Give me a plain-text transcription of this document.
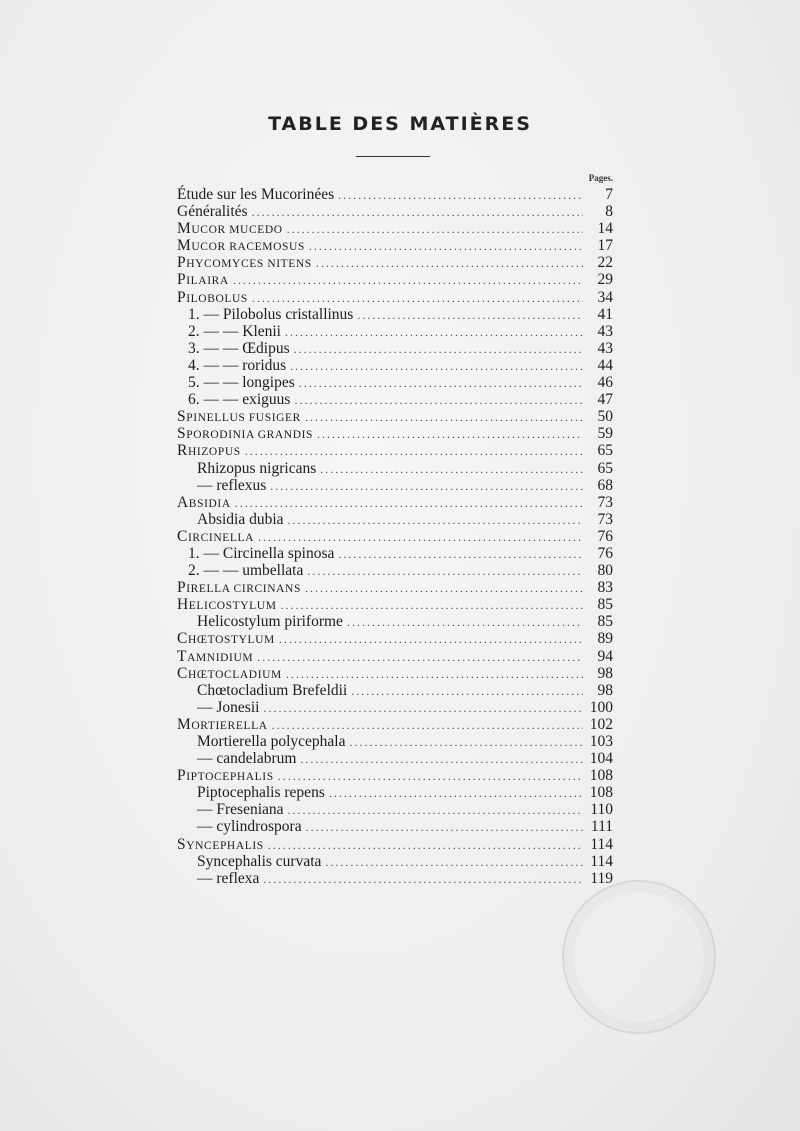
TABLE DES MATIÈRES
Pages.
Étude sur les Mucorinées .....	7
Généralités .....	8
MUCOR MUCEDO .....	14
MUCOR RACEMOSUS .....	17
PHYCOMYCES NITENS .....	22
PILAIRA .....	29
PILOBOLUS .....	34
1. — Pilobolus cristallinus .....	41
2. — — Klenii .....	43
3. — — Œdipus .....	43
4. — — roridus .....	44
5. — — longipes .....	46
6. — — exiguus .....	47
SPINELLUS FUSIGER .....	50
SPORODINIA GRANDIS .....	59
RHIZOPUS .....	65
Rhizopus nigricans .....	65
— reflexus .....	68
ABSIDIA .....	73
Absidia dubia .....	73
CIRCINELLA .....	76
1. — Circinella spinosa .....	76
2. — — umbellata .....	80
PIRELLA CIRCINANS .....	83
HELICOSTYLUM .....	85
Helicostylum piriforme .....	85
CHŒTOSTYLUM .....	89
TAMNIDIUM .....	94
CHŒTOCLADIUM .....	98
Chœtocladium Brefeldii .....	98
— Jonesii .....	100
MORTIERELLA .....	102
Mortierella polycephala .....	103
— candelabrum .....	104
PIPTOCEPHALIS .....	108
Piptocephalis repens .....	108
— Freseniana .....	110
— cylindrospora .....	111
SYNCEPHALIS .....	114
Syncephalis curvata .....	114
— reflexa .....	119
